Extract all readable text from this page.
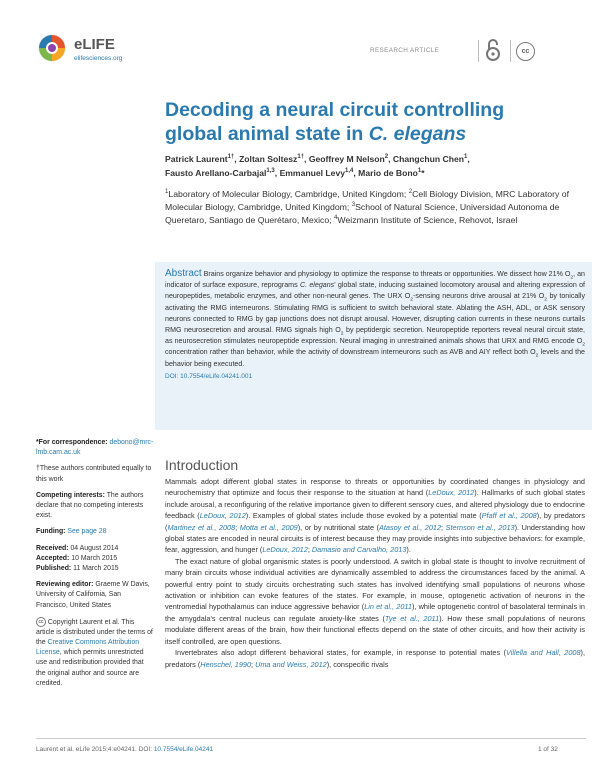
eLIFE
elifesciences.org
RESEARCH ARTICLE	cc
Decoding a neural circuit controlling
global animal state in C. elegans
Patrick Laurent$^{1\dagger}$, Zoltan Soltesz$^{1\dagger}$, Geoffrey M Nelson$^2$, Changchun Chen$^1$,
Fausto Arellano-Carbajal$^{1,3}$, Emmanuel Levy$^{1,4}$, Mario de Bono$^1$*
$^1$Laboratory of Molecular Biology, Cambridge, United Kingdom; $^2$Cell Biology Division, MRC Laboratory of Molecular Biology, Cambridge, United Kingdom; $^3$School of Natural Science, Universidad Autonoma de Queretaro, Santiago de Querétaro, Mexico; $^4$Weizmann Institute of Science, Rehovot, Israel
Abstract Brains organize behavior and physiology to optimize the response to threats or opportunities. We dissect how 21% $O_2$, an indicator of surface exposure, reprograms C. elegans' global state, inducing sustained locomotory arousal and altering expression of neuropeptides, metabolic enzymes, and other non-neural genes. The URX $O_2$-sensing neurons drive arousal at 21% $O_2$ by tonically activating the RMG interneurons. Stimulating RMG is sufficient to switch behavioral state. Ablating the ASH, ADL, or ASK sensory neurons connected to RMG by gap junctions does not disrupt arousal. However, disrupting cation currents in these neurons curtails RMG neurosecretion and arousal. RMG signals high $O_2$ by peptidergic secretion. Neuropeptide reporters reveal neural circuit state, as neurosecretion stimulates neuropeptide expression. Neural imaging in unrestrained animals shows that URX and RMG encode $O_2$ concentration rather than behavior, while the activity of downstream interneurons such as AVB and AIY reflect both $O_2$ levels and the behavior being executed.
DOI: 10.7554/eLife.04241.001
*For correspondence: debono@mrc-lmb.cam.ac.uk
†These authors contributed equally to this work
Competing interests: The authors declare that no competing interests exist.
Funding: See page 28
Received: 04 August 2014
Accepted: 10 March 2015
Published: 11 March 2015
Reviewing editor: Graeme W Davis, University of California, San Francisco, United States
cc Copyright Laurent et al. This article is distributed under the terms of the Creative Commons Attribution License, which permits unrestricted use and redistribution provided that the original author and source are credited.
Introduction

Mammals adopt different global states in response to threats or opportunities by coordinated changes in physiology and neurochemistry that optimize and focus their response to the situation at hand (LeDoux, 2012). Hallmarks of such global states include arousal, a reconfiguring of the relative importance given to different sensory cues, and altered physiology due to endocrine feedback (LeDoux, 2012). Examples of global states include those evoked by a potential mate (Pfaff et al., 2008), by predators (Martinez et al., 2008; Motta et al., 2009), or by nutritional state (Atasoy et al., 2012; Sternson et al., 2013). Understanding how global states are encoded in neural circuits is of interest because they may provide insights into subjective behaviors: for example, fear, aggression, and hunger (LeDoux, 2012; Damasio and Carvalho, 2013).

The exact nature of global organismic states is poorly understood. A switch in global state is thought to involve recruitment of many brain circuits whose individual activities are dynamically assembled to address the circumstances faced by the animal. A powerful entry point to study circuits orchestrating such states has involved identifying small populations of neurons whose activation or inhibition can evoke features of the states. For example, in mouse, optogenetic activation of neurons in the ventromedial hypothalamus can induce aggressive behavior (Lin et al., 2011), while optogenetic control of basolateral terminals in the amygdala's central nucleus can regulate anxiety-like states (Tye et al., 2011). How these small populations of neurons modulate different areas of the brain, how their functional effects depend on the state of other circuits, and how their activity is itself controlled, are open questions.

Invertebrates also adopt different behavioral states, for example, in response to potential mates (Villella and Hall, 2008), predators (Henschel, 1990; Uma and Weiss, 2012), conspecific rivals

Laurent et al. eLife 2015;4:e04241. DOI: 10.7554/eLife.04241	1 of 32
